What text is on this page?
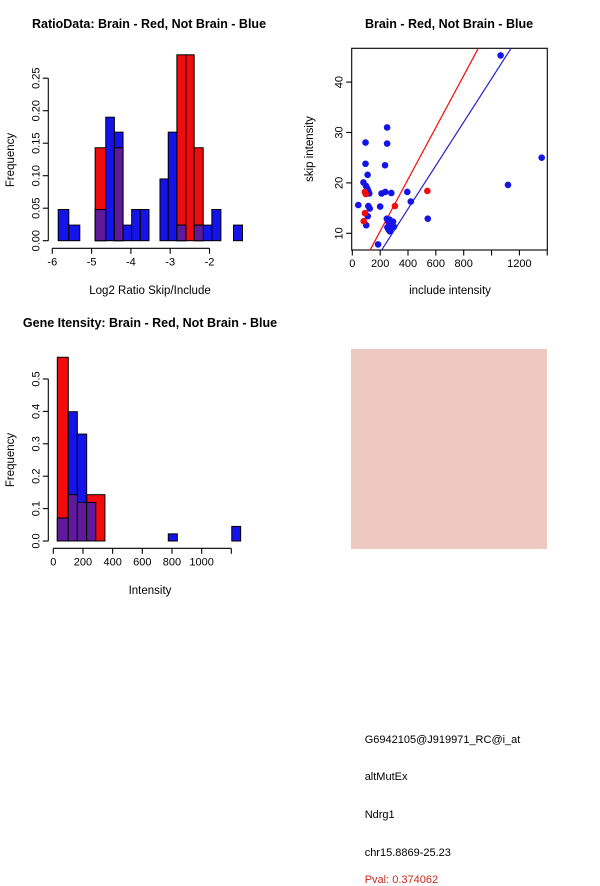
-6	-5	-4	-3	-2
0.00
0.05
0.10
0.15
0.20
0.25
0 200 400 600 800	1200
10
20
30
40
0 200 400 600 800 1000
0.0
0.1
0.2
0.3
0.4
0.5
RatioData: Brain - Red, Not Brain - Blue	Brain - Red, Not Brain - Blue
Gene Itensity: Brain - Red, Not Brain - Blue
Log2 Ratio Skip/Include
Frequency
include intensity
skip intensity
Intensity
Frequency
G6942105@J919971_RC@i_at
altMutEx
Ndrg1
chr15.8869-25.23
Pval: 0.374062
